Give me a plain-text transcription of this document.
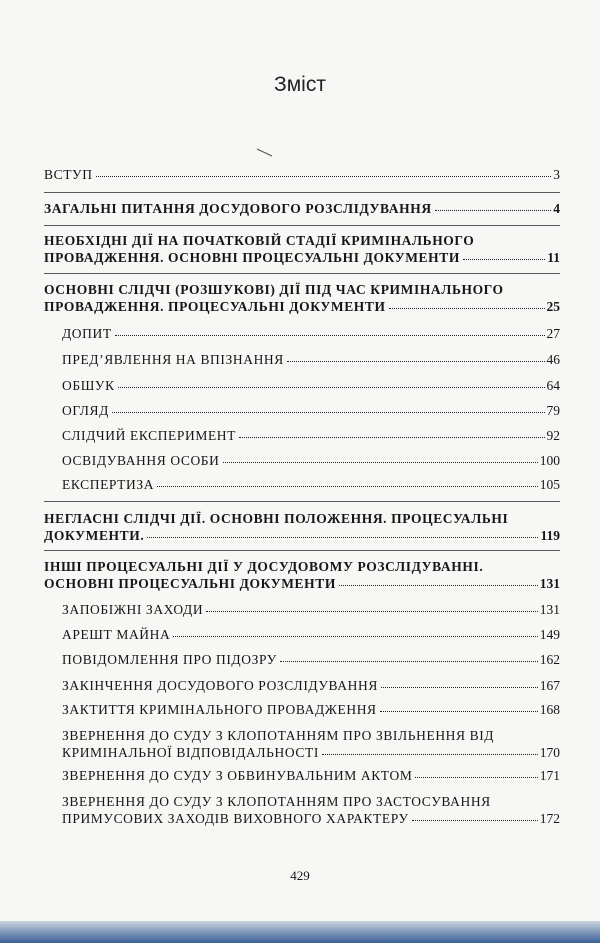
Зміст
ВСТУП	3
ЗАГАЛЬНІ ПИТАННЯ ДОСУДОВОГО РОЗСЛІДУВАННЯ	4
НЕОБХІДНІ ДІЇ НА ПОЧАТКОВІЙ СТАДІЇ КРИМІНАЛЬНОГО
ПРОВАДЖЕННЯ. ОСНОВНІ ПРОЦЕСУАЛЬНІ ДОКУМЕНТИ	11
ОСНОВНІ СЛІДЧІ (РОЗШУКОВІ) ДІЇ ПІД ЧАС КРИМІНАЛЬНОГО
ПРОВАДЖЕННЯ. ПРОЦЕСУАЛЬНІ ДОКУМЕНТИ	25
ДОПИТ	27
ПРЕД’ЯВЛЕННЯ НА ВПІЗНАННЯ	46
ОБШУК	64
ОГЛЯД	79
СЛІДЧИЙ ЕКСПЕРИМЕНТ	92
ОСВІДУВАННЯ ОСОБИ	100
ЕКСПЕРТИЗА	105
НЕГЛАСНІ СЛІДЧІ ДІЇ. ОСНОВНІ ПОЛОЖЕННЯ. ПРОЦЕСУАЛЬНІ
ДОКУМЕНТИ.	119
ІНШІ ПРОЦЕСУАЛЬНІ ДІЇ У ДОСУДОВОМУ РОЗСЛІДУВАННІ.
ОСНОВНІ ПРОЦЕСУАЛЬНІ ДОКУМЕНТИ	131
ЗАПОБІЖНІ ЗАХОДИ	131
АРЕШТ МАЙНА	149
ПОВІДОМЛЕННЯ ПРО ПІДОЗРУ	162
ЗАКІНЧЕННЯ ДОСУДОВОГО РОЗСЛІДУВАННЯ	167
ЗАКТИТТЯ КРИМІНАЛЬНОГО ПРОВАДЖЕННЯ	168
ЗВЕРНЕННЯ ДО СУДУ З КЛОПОТАННЯМ ПРО ЗВІЛЬНЕННЯ ВІД
КРИМІНАЛЬНОЇ ВІДПОВІДАЛЬНОСТІ	170
ЗВЕРНЕННЯ ДО СУДУ З ОБВИНУВАЛЬНИМ АКТОМ	171
ЗВЕРНЕННЯ ДО СУДУ З КЛОПОТАННЯМ ПРО ЗАСТОСУВАННЯ
ПРИМУСОВИХ ЗАХОДІВ ВИХОВНОГО ХАРАКТЕРУ	172
429
